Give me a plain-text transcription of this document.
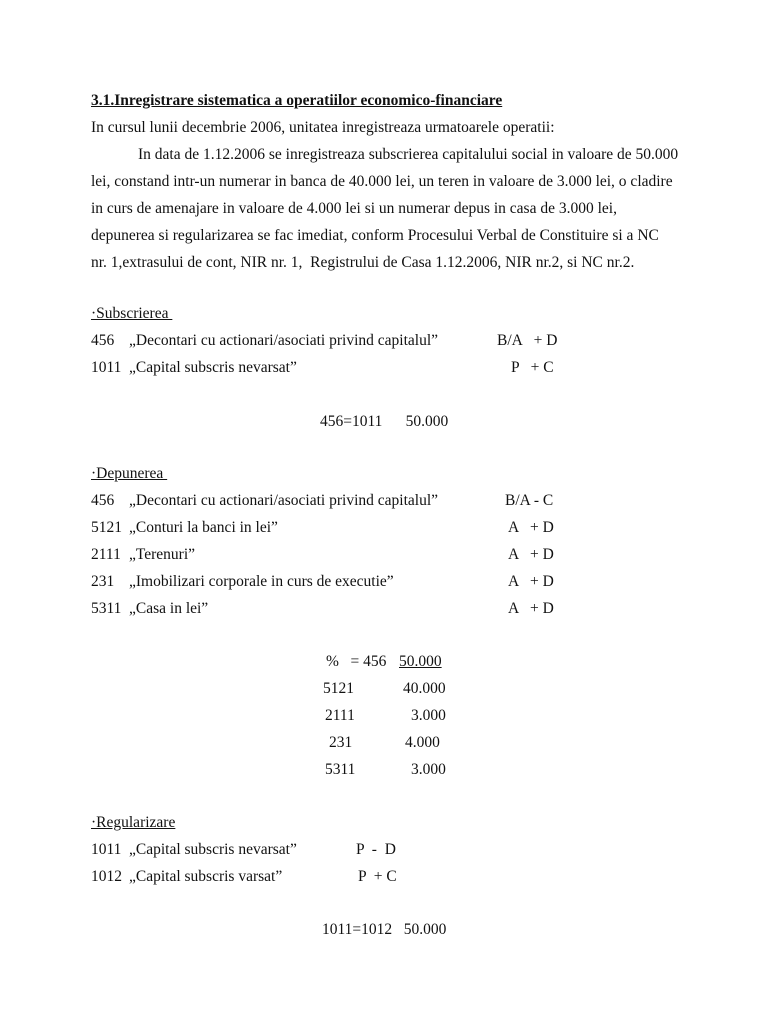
3.1.Inregistrare sistematica a operatiilor economico-financiare
In cursul lunii decembrie 2006, unitatea inregistreaza urmatoarele operatii:
In data de 1.12.2006 se inregistreaza subscrierea capitalului social in valoare de 50.000
lei, constand intr-un numerar in banca de 40.000 lei, un teren in valoare de 3.000 lei, o cladire
in curs de amenajare in valoare de 4.000 lei si un numerar depus in casa de 3.000 lei,
depunerea si regularizarea se fac imediat, conform Procesului Verbal de Constituire si a NC
nr. 1,extrasului de cont, NIR nr. 1,  Registrului de Casa 1.12.2006, NIR nr.2, si NC nr.2.
·Subscrierea
456 „Decontari cu actionari/asociati privind capitalul”	B/A   + D
1011 „Capital subscris nevarsat”	P   + C
456=1011      50.000
·Depunerea
456 „Decontari cu actionari/asociati privind capitalul”	B/A - C
5121 „Conturi la banci in lei”	A   + D
2111 „Terenuri”	A   + D
231 „Imobilizari corporale in curs de executie”	A   + D
5311 „Casa in lei”	A   + D
%   = 456 50.000
5121	40.000
2111	3.000
231	4.000
5311	3.000
·Regularizare
1011 „Capital subscris nevarsat”	P  -  D
1012 „Capital subscris varsat”	P  + C
1011=1012   50.000
